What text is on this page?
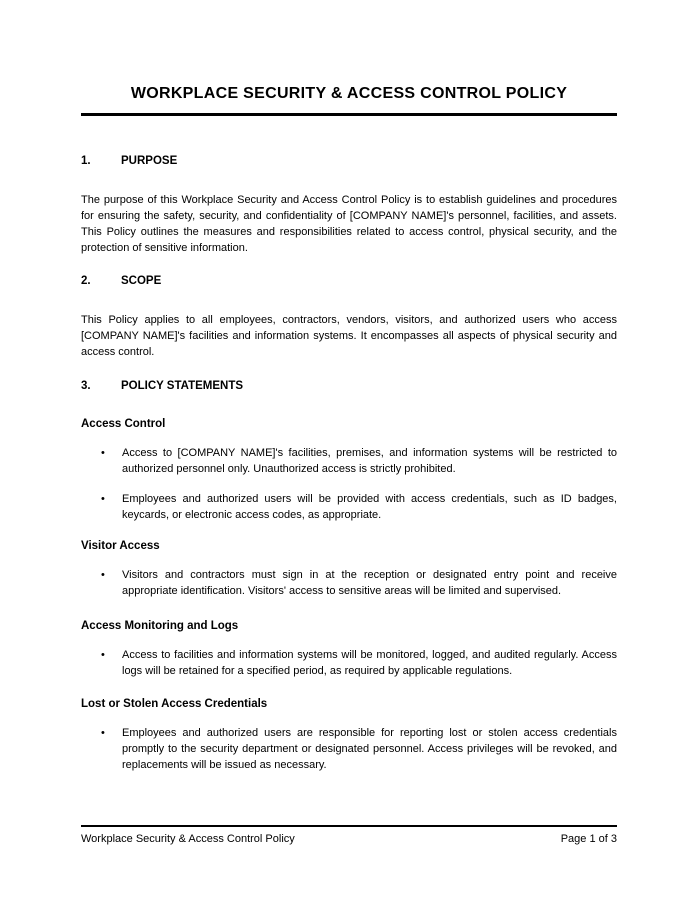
WORKPLACE SECURITY & ACCESS CONTROL POLICY
1.	PURPOSE

The purpose of this Workplace Security and Access Control Policy is to establish guidelines and procedures for ensuring the safety, security, and confidentiality of [COMPANY NAME]'s personnel, facilities, and assets. This Policy outlines the measures and responsibilities related to access control, physical security, and the protection of sensitive information.

2.	SCOPE

This Policy applies to all employees, contractors, vendors, visitors, and authorized users who access [COMPANY NAME]'s facilities and information systems. It encompasses all aspects of physical security and access control.

3.	POLICY STATEMENTS
Access Control
• Access to [COMPANY NAME]'s facilities, premises, and information systems will be restricted to authorized personnel only. Unauthorized access is strictly prohibited.
• Employees and authorized users will be provided with access credentials, such as ID badges, keycards, or electronic access codes, as appropriate.
Visitor Access
• Visitors and contractors must sign in at the reception or designated entry point and receive appropriate identification. Visitors' access to sensitive areas will be limited and supervised.
Access Monitoring and Logs
• Access to facilities and information systems will be monitored, logged, and audited regularly. Access logs will be retained for a specified period, as required by applicable regulations.
Lost or Stolen Access Credentials
• Employees and authorized users are responsible for reporting lost or stolen access credentials promptly to the security department or designated personnel. Access privileges will be revoked, and replacements will be issued as necessary.
Workplace Security & Access Control Policy	Page 1 of 3
